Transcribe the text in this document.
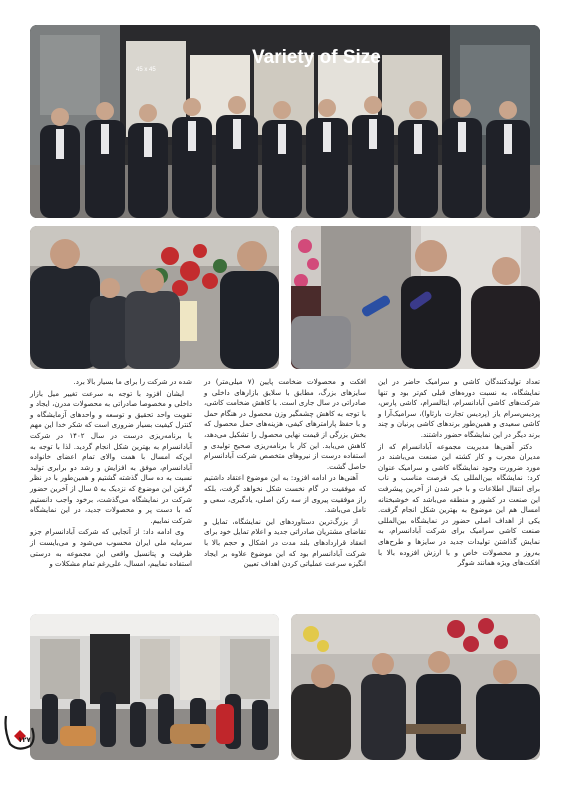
Variety of Size
45 x 45

تعداد تولیدکنندگان کاشی و سرامیک حاضر در این نمایشگاه، به نسبت دوره‌های قبلی کم‌تر بود و تنها شرکت‌های کاشی آبادانسرام، ایتالسرام، کاشی پارس، پردیس‌سرام یاز (پردیس تجارت بارثاوا)، سرامیک‌آرا و کاشی سعیدی و همین‌طور برندهای کاشی پرنیان و چند برند دیگر در این نمایشگاه حضور داشتند.

دکتر آهنی‌ها مدیریت مجموعه آبادانسرام که از مدیران مجرب و کار کشته این صنعت می‌باشند در مورد ضرورت وجود نمایشگاه کاشی و سرامیک عنوان کرد: نمایشگاه بین‌المللی یک فرصت مناسب و ناب برای انتقال اطلاعات و با خبر شدن از آخرین پیشرفت این صنعت در کشور و منطقه می‌باشد که خوشبختانه امسال هم این موضوع به بهترین شکل انجام گرفت. یکی از اهداف اصلی حضور در نمایشگاه بین‌المللی صنعت کاشی سرامیک برای شرکت آبادانسرام، به نمایش گذاشتن تولیدات جدید در سایزها و طرح‌های به‌روز و محصولات خاص و با ارزش افزوده بالا با افکت‌های ویژه همانند شوگر

افکت و محصولات ضخامت پایین (۷ میلی‌متر) در سایزهای بزرگ، مطابق با سلایق بازارهای داخلی و صادراتی در سال جاری است. با کاهش ضخامت کاشی، با توجه به کاهش چشمگیر وزن محصول در هنگام حمل و با حفظ پارامترهای کیفی، هزینه‌های حمل محصول که بخش بزرگی از قیمت نهایی محصول را تشکیل می‌دهد، کاهش می‌یابد. این کار با برنامه‌ریزی صحیح تولیدی و استفاده درست از نیروهای متخصص شرکت آبادانسرام حاصل گشت.

آهنی‌ها در ادامه افزود: به این موضوع اعتقاد داشتیم که موفقیت در گام نخست شکل نخواهد گرفت، بلکه راز موفقیت پیروی از سه رکن اصلی، یادگیری، سعی و تامل می‌باشد.

از بزرگ‌ترین دستاوردهای این نمایشگاه، تمایل و تقاضای مشتریان صادراتی جدید و اعلام تمایل خود برای انعقاد قراردادهای بلند مدت در اشکال و حجم بالا با شرکت آبادانسرام بود که این موضوع علاوه بر ایجاد انگیزه سرعت عملیاتی کردن اهداف تعیین

شده در شرکت را برای ما بسیار بالا برد.

ایشان افزود با توجه به سرعت تغییر میل بازار داخلی و مخصوصا صادراتی به محصولات مدرن، ایجاد و تقویت واحد تحقیق و توسعه و واحدهای آزمایشگاه و کنترل کیفیت بسیار ضروری است که شکر خدا این مهم با برنامه‌ریزی درست در سال ۱۴۰۲ در شرکت آبادانسرام به بهترین شکل انجام گردید. لذا با توجه به این‌که امسال با همت والای تمام اعضای خانواده آبادانسرام، موفق به افزایش و رشد دو برابری تولید نسبت به ده سال گذشته گشتیم و همین‌طور با در نظر گرفتن این موضوع که نزدیک به ۵ سال از آخرین حضور شرکت در نمایشگاه می‌گذشت، برخود واجب دانستیم که با دست پر و محصولات جدید، در این نمایشگاه شرکت نماییم.

وی ادامه داد: از آنجایی که شرکت آبادانسرام جزو سرمایه ملی ایران محسوب می‌شود و می‌بایست از ظرفیت و پتانسیل واقعی این مجموعه به درستی استفاده نماییم، امسال، علی‌رغم تمام مشکلات و

۱۲۷
